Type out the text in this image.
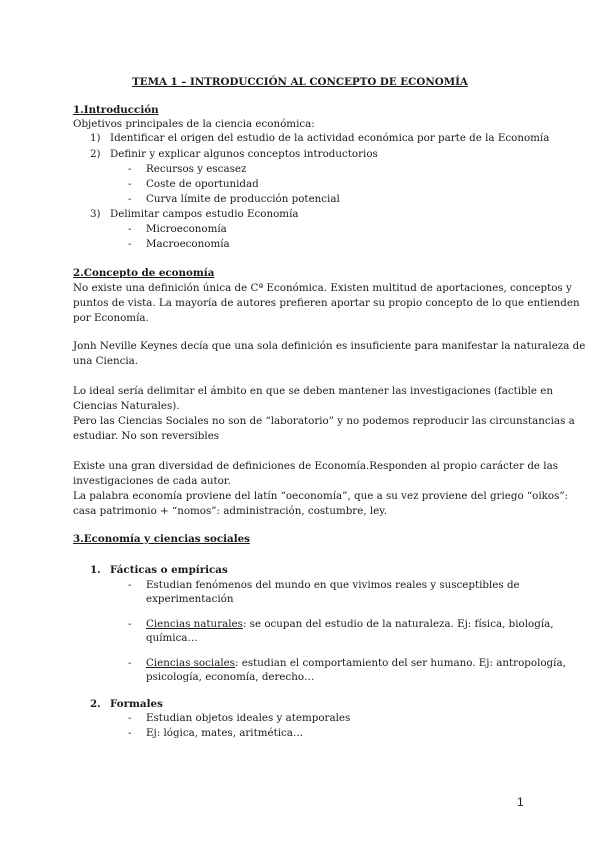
TEMA 1 – INTRODUCCIÓN AL CONCEPTO DE ECONOMÍA
1.Introducción
Objetivos principales de la ciencia económica:
1) Identificar el origen del estudio de la actividad económica por parte de la Economía
2) Definir y explicar algunos conceptos introductorios
- Recursos y escasez
- Coste de oportunidad
- Curva límite de producción potencial
3) Delimitar campos estudio Economía
- Microeconomía
- Macroeconomía
2.Concepto de economía
No existe una definición única de Cª Económica. Existen multitud de aportaciones, conceptos y
puntos de vista. La mayoría de autores prefieren aportar su propio concepto de lo que entienden
por Economía.
Jonh Neville Keynes decía que una sola definición es insuficiente para manifestar la naturaleza de
una Ciencia.
Lo ideal sería delimitar el ámbito en que se deben mantener las investigaciones (factible en
Ciencias Naturales).
Pero las Ciencias Sociales no son de “laboratorio” y no podemos reproducir las circunstancias a
estudiar. No son reversibles
Existe una gran diversidad de definiciones de Economía.Responden al propio carácter de las
investigaciones de cada autor.
La palabra economía proviene del latín “oeconomía”, que a su vez proviene del griego “oikos”:
casa patrimonio + “nomos”: administración, costumbre, ley.
3.Economía y ciencias sociales
1. Fácticas o empíricas
- Estudian fenómenos del mundo en que vivimos reales y susceptibles de
experimentación
- Ciencias naturales: se ocupan del estudio de la naturaleza. Ej: física, biología,
química…
- Ciencias sociales: estudian el comportamiento del ser humano. Ej: antropología,
psicología, economía, derecho…
2. Formales
- Estudian objetos ideales y atemporales
- Ej: lógica, mates, aritmética…
1
